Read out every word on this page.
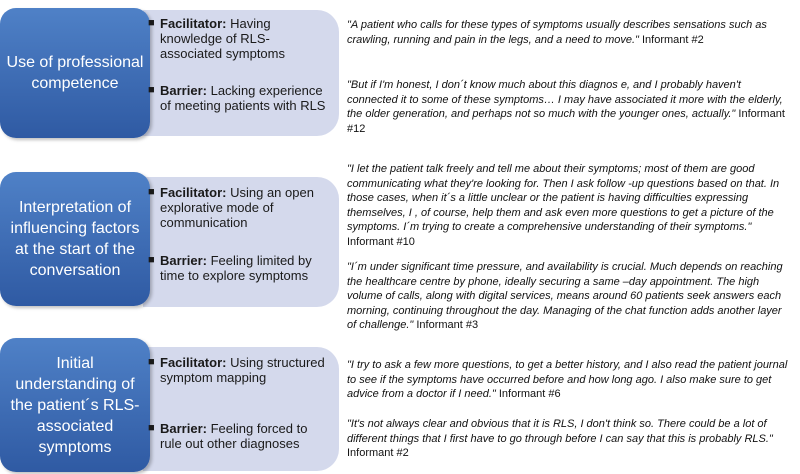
Use of professional competence
■ Facilitator: Having knowledge of RLS-associated symptoms
■ Barrier: Lacking experience of meeting patients with RLS
"A patient who calls for these types of symptoms usually describes sensations such as crawling, running and pain in the legs, and a need to move." Informant #2
"But if I'm honest, I don´t know much about this diagnos e, and I probably haven't connected it to some of these symptoms… I may have associated it more with the elderly, the older generation, and perhaps not so much with the younger ones, actually." Informant #12
Interpretation of influencing factors at the start of the conversation
■ Facilitator: Using an open explorative mode of communication
■ Barrier: Feeling limited by time to explore symptoms
"I let the patient talk freely and tell me about their symptoms; most of them are good communicating what they're looking for. Then I ask follow -up questions based on that. In those cases, when it´s a little unclear or the patient is having difficulties expressing themselves, I , of course, help them and ask even more questions to get a picture of the symptoms. I´m trying to create a comprehensive understanding of their symptoms." Informant #10
"I´m under significant time pressure, and availability is crucial. Much depends on reaching the healthcare centre by phone, ideally securing a same –day appointment. The high volume of calls, along with digital services, means around 60 patients seek answers each morning, continuing throughout the day. Managing of the chat function adds another layer of challenge." Informant #3
Initial understanding of the patient´s RLS-associated symptoms
■ Facilitator: Using structured symptom mapping
■ Barrier: Feeling forced to rule out other diagnoses
"I try to ask a few more questions, to get a better history, and I also read the patient journal to see if the symptoms have occurred before and how long ago. I also make sure to get advice from a doctor if I need." Informant #6
"It's not always clear and obvious that it is RLS, I don't think so. There could be a lot of different things that I first have to go through before I can say that this is probably RLS." Informant #2
